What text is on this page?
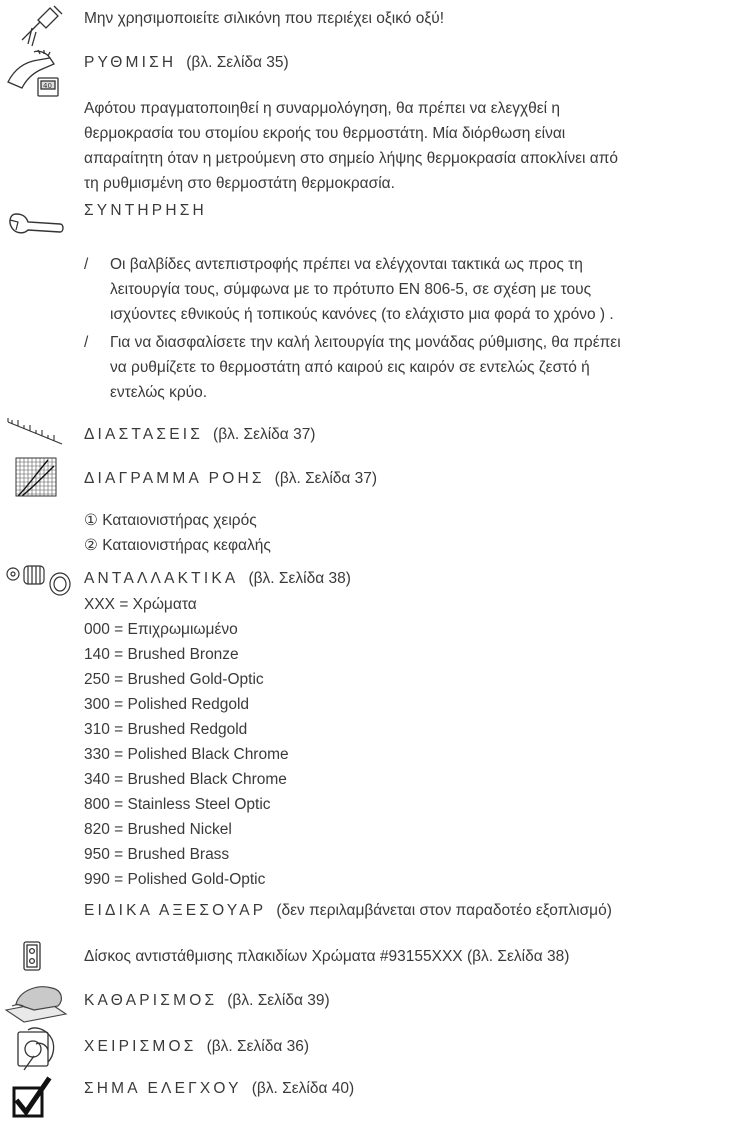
40
Μην χρησιμοποιείτε σιλικόνη που περιέχει οξικό οξύ!
ΡΥΘΜΙΣΗ (βλ. Σελίδα 35)
Αφότου πραγματοποιηθεί η συναρμολόγηση, θα πρέπει να ελεγχθεί η
θερμοκρασία του στομίου εκροής του θερμοστάτη. Μία διόρθωση είναι
απαραίτητη όταν η μετρούμενη στο σημείο λήψης θερμοκρασία αποκλίνει από
τη ρυθμισμένη στο θερμοστάτη θερμοκρασία.
ΣΥΝΤΗΡΗΣΗ
/ Οι βαλβίδες αντεπιστροφής πρέπει να ελέγχονται τακτικά ως προς τη
λειτουργία τους, σύμφωνα με το πρότυπο EN 806-5, σε σχέση με τους
ισχύοντες εθνικούς ή τοπικούς κανόνες (το ελάχιστο μια φορά το χρόνο ) .
/ Για να διασφαλίσετε την καλή λειτουργία της μονάδας ρύθμισης, θα πρέπει
να ρυθμίζετε το θερμοστάτη από καιρού εις καιρόν σε εντελώς ζεστό ή
εντελώς κρύο.
ΔΙΑΣΤΑΣΕΙΣ (βλ. Σελίδα 37)
ΔΙΑΓΡΑΜΜΑ ΡΟΗΣ (βλ. Σελίδα 37)
① Καταιονιστήρας χειρός
② Καταιονιστήρας κεφαλής
ΑΝΤΑΛΛΑΚΤΙΚΑ (βλ. Σελίδα 38)
XXX = Χρώματα
000 = Επιχρωμιωμένο
140 = Brushed Bronze
250 = Brushed Gold-Optic
300 = Polished Redgold
310 = Brushed Redgold
330 = Polished Black Chrome
340 = Brushed Black Chrome
800 = Stainless Steel Optic
820 = Brushed Nickel
950 = Brushed Brass
990 = Polished Gold-Optic
ΕΙΔΙΚΑ ΑΞΕΣΟΥΑΡ (δεν περιλαμβάνεται στον παραδοτέο εξοπλισμό)
Δίσκος αντιστάθμισης πλακιδίων Χρώματα #93155XXX (βλ. Σελίδα 38)
ΚΑΘΑΡΙΣΜΟΣ (βλ. Σελίδα 39)
ΧΕΙΡΙΣΜΟΣ (βλ. Σελίδα 36)
ΣΗΜΑ ΕΛΕΓΧΟΥ (βλ. Σελίδα 40)
